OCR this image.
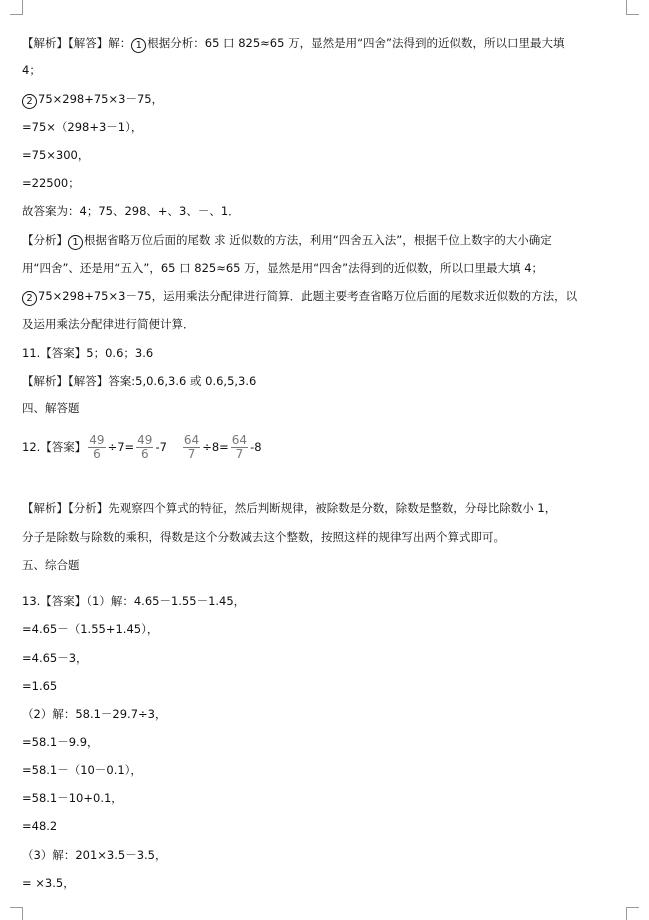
【解析】【解答】解： 1 根据分析：65 口 825≈65 万，显然是用“四舍”法得到的近似数，所以口里最大填
4；
2 75×298+75×3－75，
=75×（298+3－1），
=75×300，
=22500；
故答案为：4；75、298、+、3、－、1．
【分析】 1 根据省略万位后面的尾数 求 近似数的方法，利用“四舍五入法”，根据千位上数字的大小确定
用“四舍”、还是用“五入”，65 口 825≈65 万，显然是用“四舍”法得到的近似数，所以口里最大填 4；
2 75×298+75×3－75，运用乘法分配律进行简算．此题主要考查省略万位后面的尾数求近似数的方法，以
及运用乘法分配律进行简便计算．
11.【答案】5；0.6；3.6
【解析】【解答】答案:5,0.6,3.6 或 0.6,5,3.6
四、解答题
12.【答案】 $\frac{49}{6} \div 7= \frac{49}{6} -7 \frac{64}{7} \div 8= \frac{64}{7} -8$
【解析】【分析】先观察四个算式的特征，然后判断规律，被除数是分数，除数是整数，分母比除数小 1，
分子是除数与除数的乘积，得数是这个分数减去这个整数，按照这样的规律写出两个算式即可。
五、综合题
13.【答案】（1）解：4.65－1.55－1.45，
=4.65－（1.55+1.45），
=4.65－3，
=1.65
（2）解：58.1－29.7÷3，
=58.1－9.9，
=58.1－（10－0.1），
=58.1－10+0.1，
=48.2
（3）解：201×3.5－3.5，
= ×3.5，
